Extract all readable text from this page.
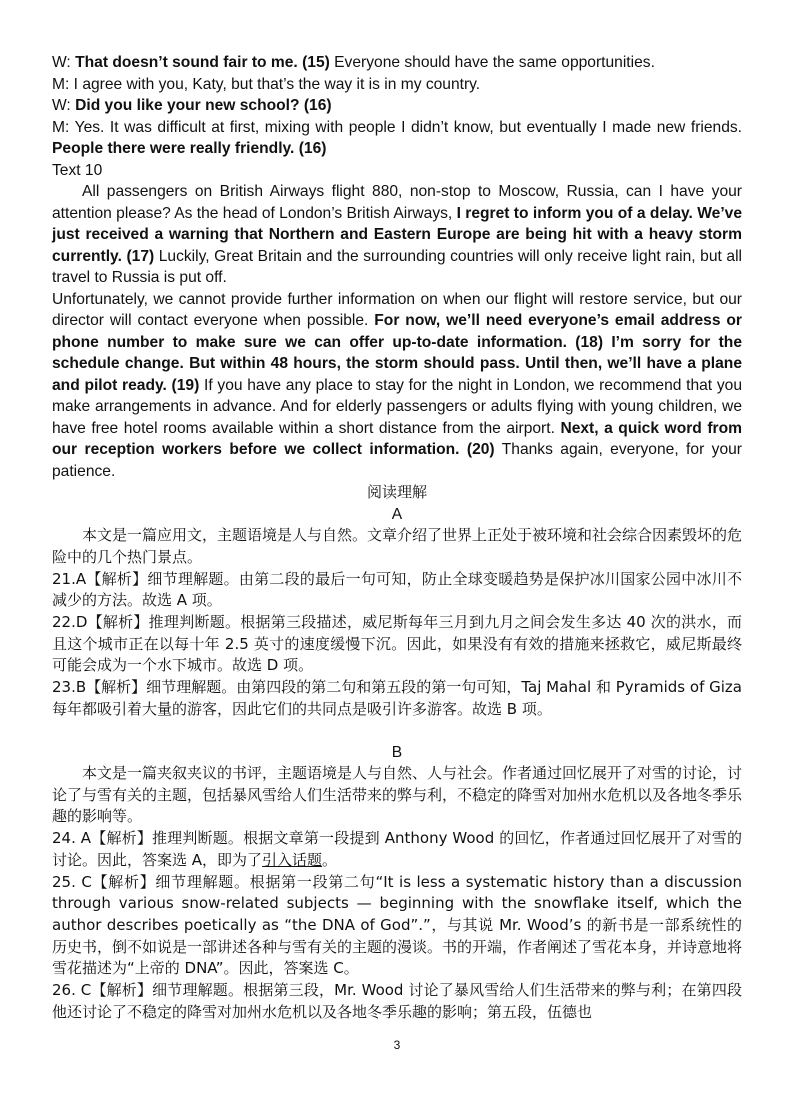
W: That doesn’t sound fair to me. (15) Everyone should have the same opportunities.
M: I agree with you, Katy, but that’s the way it is in my country.
W: Did you like your new school? (16)
M: Yes. It was difficult at first, mixing with people I didn’t know, but eventually I made new friends. People there were really friendly. (16)
Text 10
All passengers on British Airways flight 880, non-stop to Moscow, Russia, can I have your attention please? As the head of London’s British Airways, I regret to inform you of a delay. We’ve just received a warning that Northern and Eastern Europe are being hit with a heavy storm currently. (17) Luckily, Great Britain and the surrounding countries will only receive light rain, but all travel to Russia is put off.
Unfortunately, we cannot provide further information on when our flight will restore service, but our director will contact everyone when possible. For now, we’ll need everyone’s email address or phone number to make sure we can offer up-to-date information. (18) I’m sorry for the schedule change. But within 48 hours, the storm should pass. Until then, we’ll have a plane and pilot ready. (19) If you have any place to stay for the night in London, we recommend that you make arrangements in advance. And for elderly passengers or adults flying with young children, we have free hotel rooms available within a short distance from the airport. Next, a quick word from our reception workers before we collect information. (20) Thanks again, everyone, for your patience.
阅读理解
A
本文是一篇应用文，主题语境是人与自然。文章介绍了世界上正处于被环境和社会综合因素毁坏的危险中的几个热门景点。
21.A【解析】细节理解题。由第二段的最后一句可知，防止全球变暖趋势是保护冰川国家公园中冰川不减少的方法。故选 A 项。
22.D【解析】推理判断题。根据第三段描述，威尼斯每年三月到九月之间会发生多达 40 次的洪水，而且这个城市正在以每十年 2.5 英寸的速度缓慢下沉。因此，如果没有有效的措施来拯救它，威尼斯最终可能会成为一个水下城市。故选 D 项。
23.B【解析】细节理解题。由第四段的第二句和第五段的第一句可知，Taj Mahal 和 Pyramids of Giza 每年都吸引着大量的游客，因此它们的共同点是吸引许多游客。故选 B 项。
B
本文是一篇夹叙夹议的书评，主题语境是人与自然、人与社会。作者通过回忆展开了对雪的讨论，讨论了与雪有关的主题，包括暴风雪给人们生活带来的弊与利，不稳定的降雪对加州水危机以及各地冬季乐趣的影响等。
24. A【解析】推理判断题。根据文章第一段提到 Anthony Wood 的回忆，作者通过回忆展开了对雪的讨论。因此，答案选 A，即为了引入话题。
25. C【解析】细节理解题。根据第一段第二句“It is less a systematic history than a discussion through various snow-related subjects — beginning with the snowflake itself, which the author describes poetically as “the DNA of God”.”，与其说 Mr. Wood’s 的新书是一部系统性的历史书，倒不如说是一部讲述各种与雪有关的主题的漫谈。书的开端，作者阐述了雪花本身，并诗意地将雪花描述为“上帝的 DNA”。因此，答案选 C。
26. C【解析】细节理解题。根据第三段，Mr. Wood 讨论了暴风雪给人们生活带来的弊与利；在第四段他还讨论了不稳定的降雪对加州水危机以及各地冬季乐趣的影响；第五段，伍德也
3
